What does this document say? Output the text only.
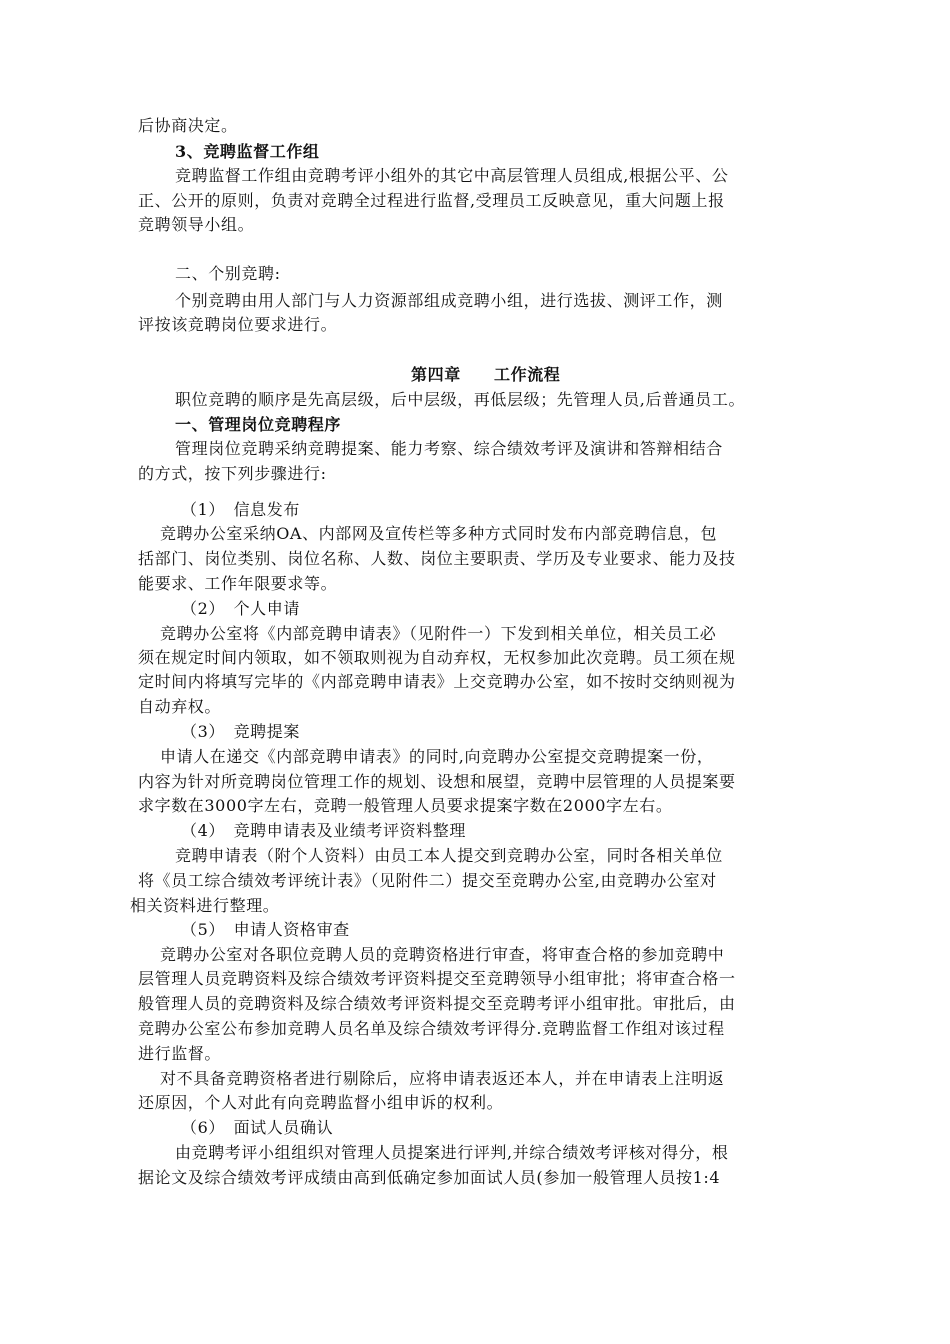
后协商决定。
3、竞聘监督工作组
竞聘监督工作组由竞聘考评小组外的其它中高层管理人员组成,根据公平、公
正、公开的原则，负责对竞聘全过程进行监督,受理员工反映意见，重大问题上报
竞聘领导小组。
二、个别竞聘:
个别竞聘由用人部门与人力资源部组成竞聘小组，进行选拔、测评工作，测
评按该竞聘岗位要求进行。
第四章　　工作流程
职位竞聘的顺序是先高层级，后中层级，再低层级；先管理人员,后普通员工。
一、管理岗位竞聘程序
管理岗位竞聘采纳竞聘提案、能力考察、综合绩效考评及演讲和答辩相结合
的方式，按下列步骤进行:
（1）　信息发布
竞聘办公室采纳OA、内部网及宣传栏等多种方式同时发布内部竞聘信息，包
括部门、岗位类别、岗位名称、人数、岗位主要职责、学历及专业要求、能力及技
能要求、工作年限要求等。
（2）　个人申请
竞聘办公室将《内部竞聘申请表》（见附件一）下发到相关单位，相关员工必
须在规定时间内领取，如不领取则视为自动弃权，无权参加此次竞聘。员工须在规
定时间内将填写完毕的《内部竞聘申请表》上交竞聘办公室，如不按时交纳则视为
自动弃权。
（3）　竞聘提案
申请人在递交《内部竞聘申请表》的同时,向竞聘办公室提交竞聘提案一份，
内容为针对所竞聘岗位管理工作的规划、设想和展望，竞聘中层管理的人员提案要
求字数在3000字左右，竞聘一般管理人员要求提案字数在2000字左右。
（4）　竞聘申请表及业绩考评资料整理
竞聘申请表（附个人资料）由员工本人提交到竞聘办公室，同时各相关单位
将《员工综合绩效考评统计表》（见附件二）提交至竞聘办公室,由竞聘办公室对
相关资料进行整理。
（5）　申请人资格审查
竞聘办公室对各职位竞聘人员的竞聘资格进行审查，将审查合格的参加竞聘中
层管理人员竞聘资料及综合绩效考评资料提交至竞聘领导小组审批；将审查合格一
般管理人员的竞聘资料及综合绩效考评资料提交至竞聘考评小组审批。审批后，由
竞聘办公室公布参加竞聘人员名单及综合绩效考评得分.竞聘监督工作组对该过程
进行监督。
对不具备竞聘资格者进行剔除后，应将申请表返还本人，并在申请表上注明返
还原因，个人对此有向竞聘监督小组申诉的权利。
（6）　面试人员确认
由竞聘考评小组组织对管理人员提案进行评判,并综合绩效考评核对得分，根
据论文及综合绩效考评成绩由高到低确定参加面试人员(参加一般管理人员按1:4
